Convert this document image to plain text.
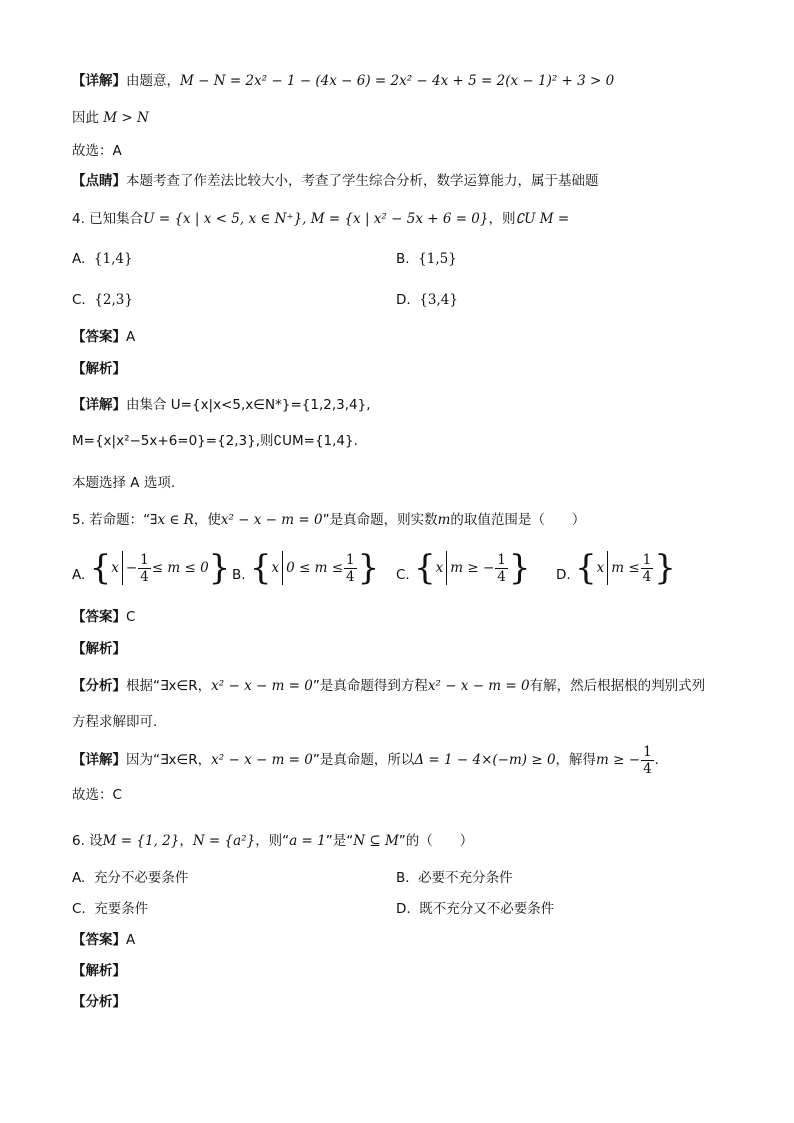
【详解】由题意，M − N = 2x² − 1 − (4x − 6) = 2x² − 4x + 5 = 2(x − 1)² + 3 > 0
因此 M > N
故选：A
【点睛】本题考查了作差法比较大小，考查了学生综合分析，数学运算能力，属于基础题
4. 已知集合U = {x | x < 5, x ∈ N⁺}, M = {x | x² − 5x + 6 = 0}，则∁U M =
A. {1,4}	B. {1,5}
C. {2,3}	D. {3,4}
【答案】A
【解析】
【详解】由集合 U={x|x<5,x∈N*}={1,2,3,4},
M={x|x²−5x+6=0}={2,3},则∁UM={1,4}.
本题选择 A 选项.
5. 若命题：“∃x ∈ R，使x² − x − m = 0”是真命题，则实数m的取值范围是（　　）
A. { $x - \frac{1}{4} \le m \le 0$ } B. { x $0 \le m \le \frac{1}{4}$ } C. { x m ≥ − $\frac{1}{4}$ } D. { x $m \le \frac{1}{4}$ }
【答案】C
【解析】
【分析】根据“∃x∈R，x² − x − m = 0”是真命题得到方程x² − x − m = 0有解，然后根据根的判别式列
方程求解即可.
【详解】因为“∃x∈R，x² − x − m = 0”是真命题，所以Δ = 1 − 4×(−m) ≥ 0，解得m ≥ − $\frac{1}{4}$ .
故选：C
6. 设M = {1, 2}，N = {a²}，则“a = 1”是“N ⊆ M”的（　　）
A. 充分不必要条件	B. 必要不充分条件
C. 充要条件	D. 既不充分又不必要条件
【答案】A
【解析】
【分析】
